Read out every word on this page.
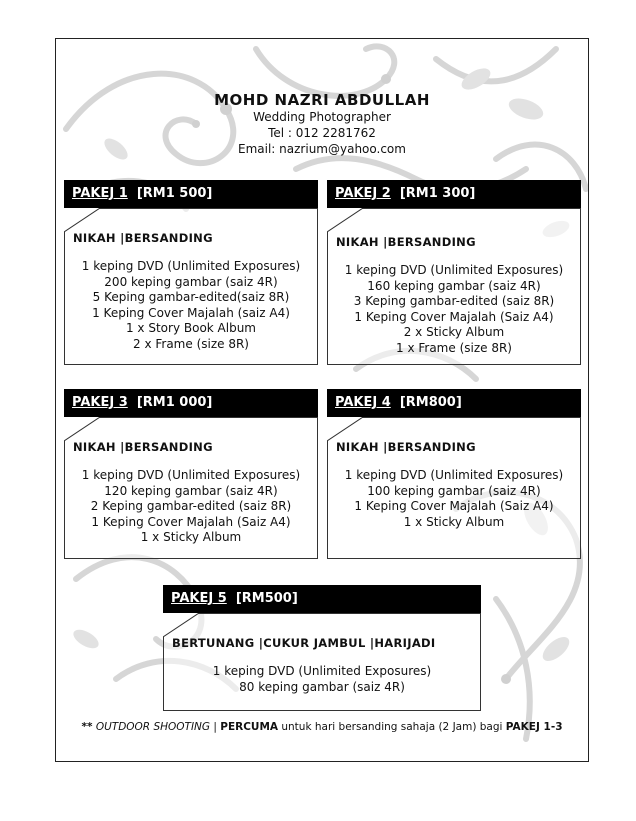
MOHD NAZRI ABDULLAH
Wedding Photographer
Tel : 012 2281762
Email: nazrium@yahoo.com
PAKEJ 1 [RM1 500]
NIKAH |BERSANDING
1 keping DVD (Unlimited Exposures)
200 keping gambar (saiz 4R)
5 Keping gambar-edited(saiz 8R)
1 Keping Cover Majalah (saiz A4)
1 x Story Book Album
2 x Frame (size 8R)
PAKEJ 2 [RM1 300]
NIKAH |BERSANDING
1 keping DVD (Unlimited Exposures)
160 keping gambar (saiz 4R)
3 Keping gambar-edited (saiz 8R)
1 Keping Cover Majalah (Saiz A4)
2 x Sticky Album
1 x Frame (size 8R)
PAKEJ 3 [RM1 000]
NIKAH |BERSANDING
1 keping DVD (Unlimited Exposures)
120 keping gambar (saiz 4R)
2 Keping gambar-edited (saiz 8R)
1 Keping Cover Majalah (Saiz A4)
1 x Sticky Album
PAKEJ 4 [RM800]
NIKAH |BERSANDING
1 keping DVD (Unlimited Exposures)
100 keping gambar (saiz 4R)
1 Keping Cover Majalah (Saiz A4)
1 x Sticky Album
PAKEJ 5 [RM500]
BERTUNANG |CUKUR JAMBUL |HARIJADI
1 keping DVD (Unlimited Exposures)
80 keping gambar (saiz 4R)
** OUTDOOR SHOOTING | PERCUMA untuk hari bersanding sahaja (2 Jam) bagi PAKEJ 1-3
